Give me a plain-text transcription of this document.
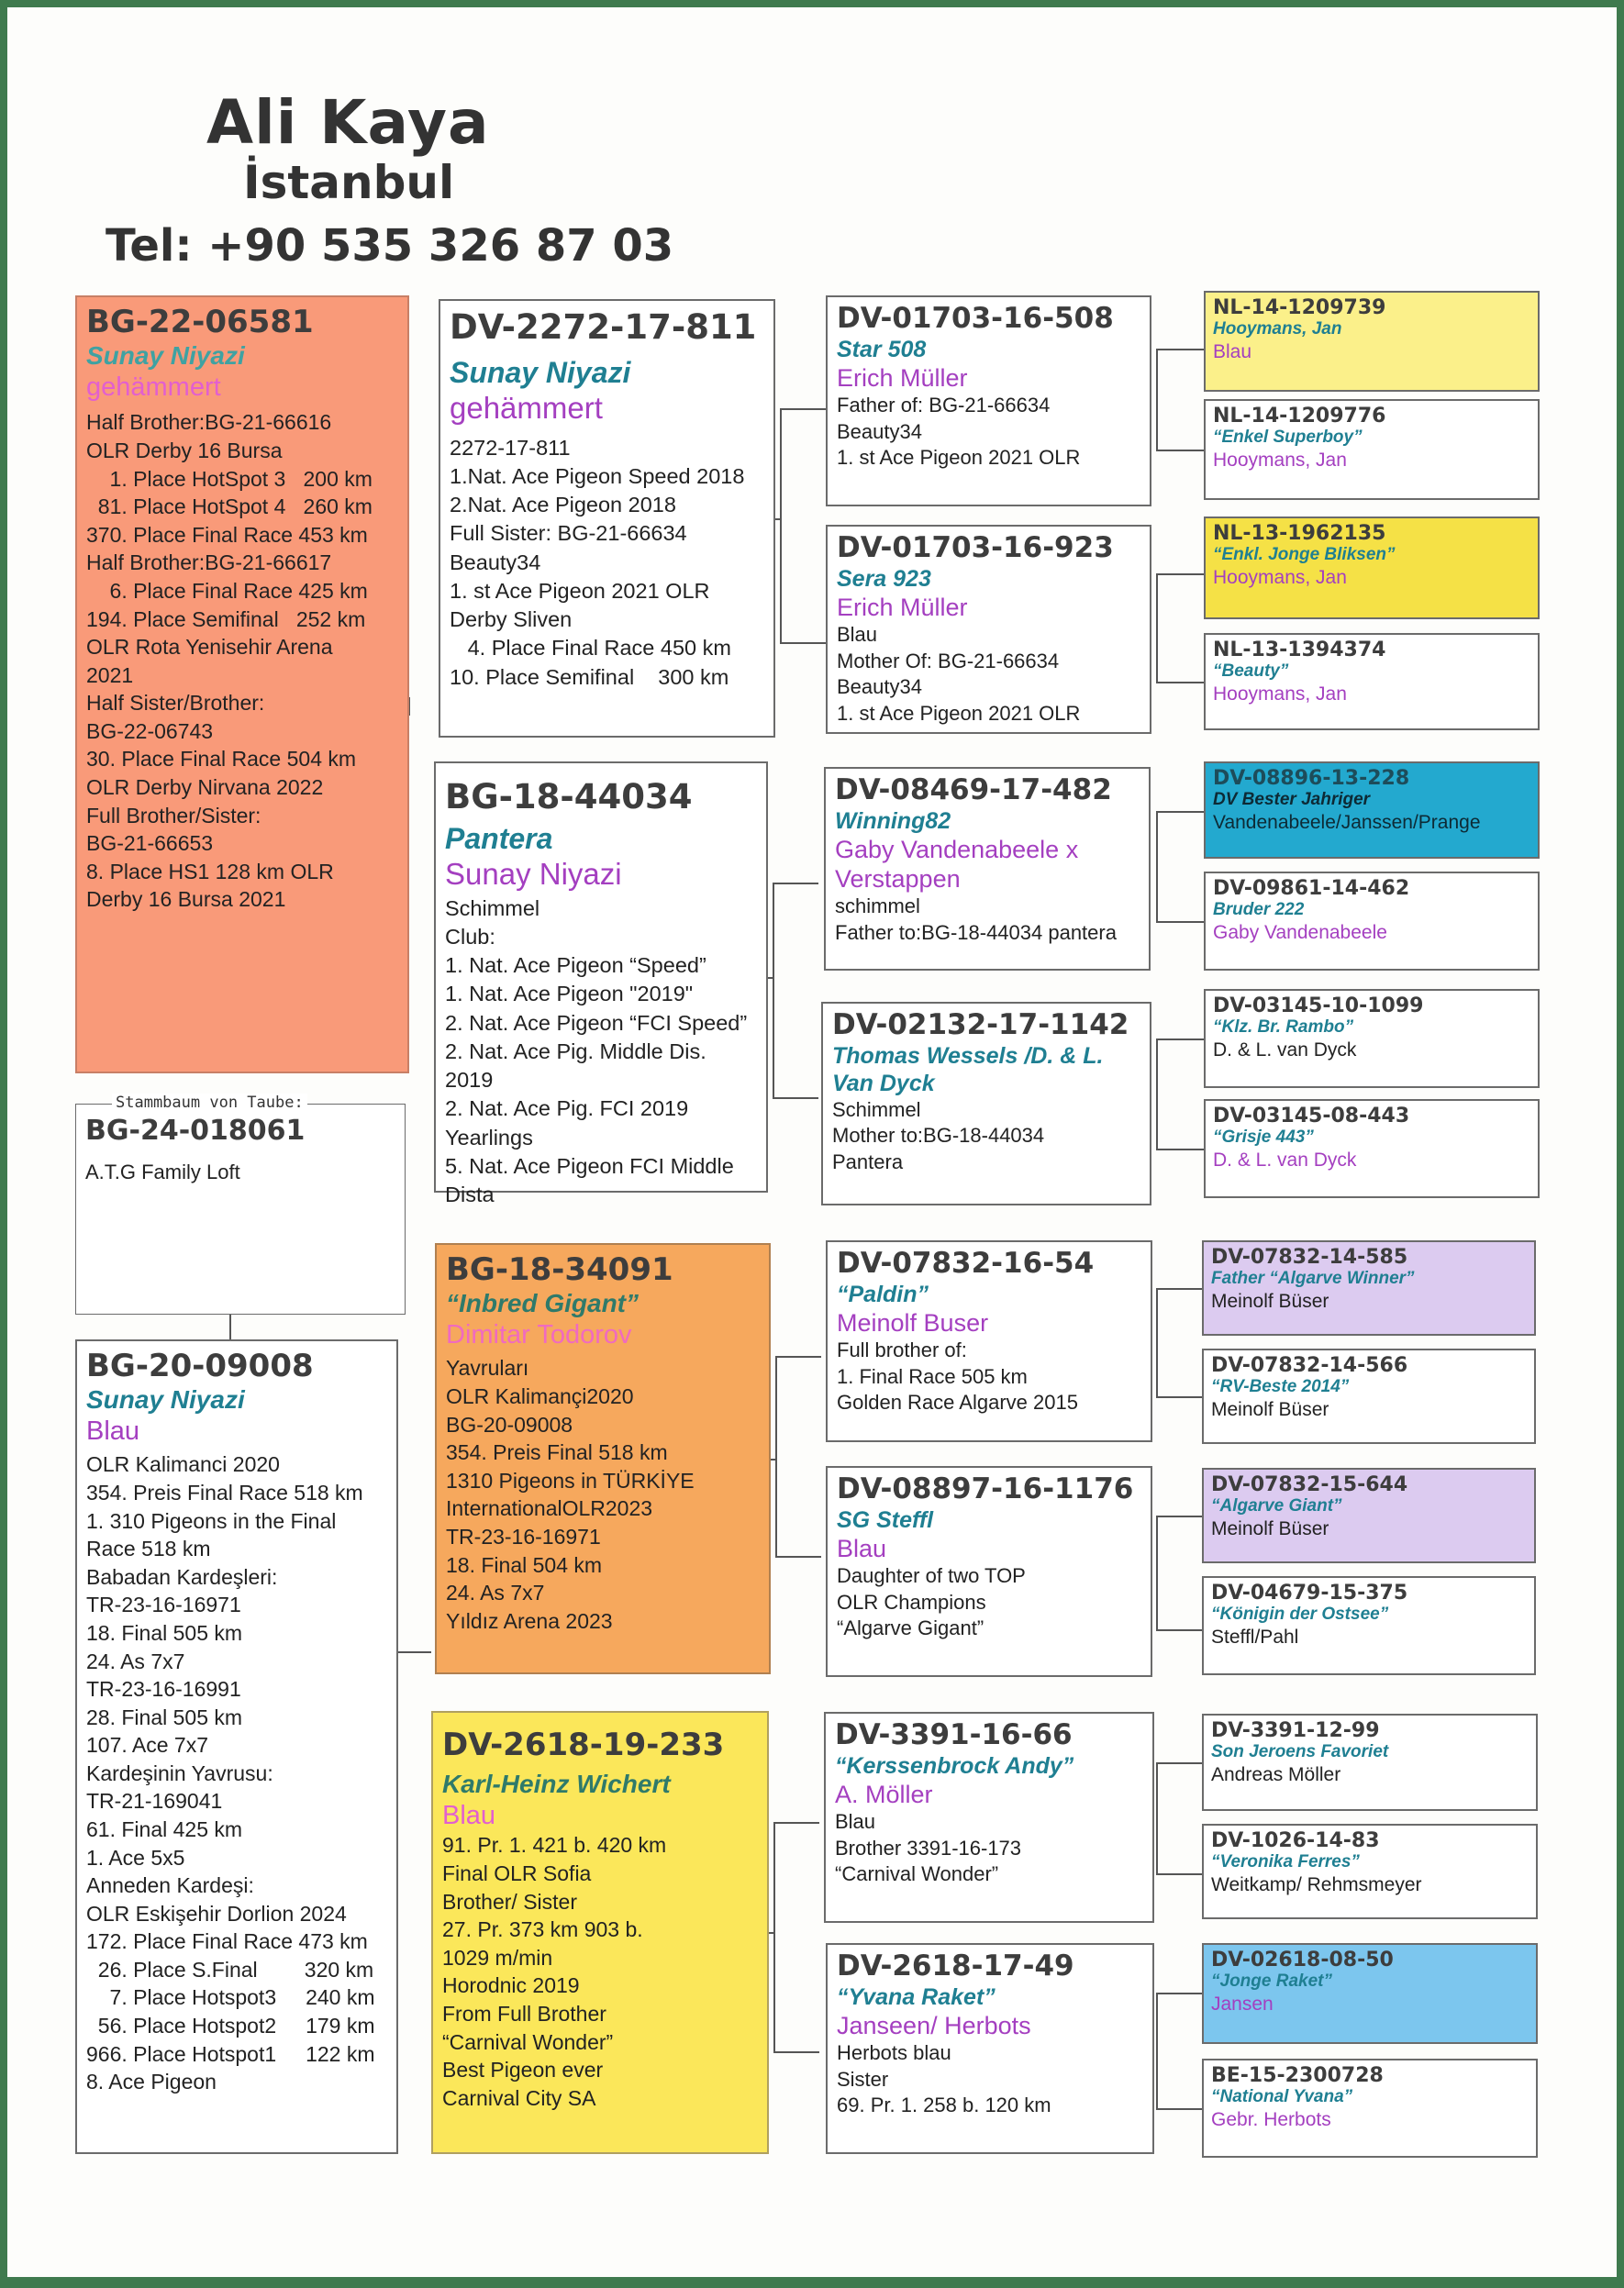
Ali Kaya
İstanbul
Tel: +90 535 326 87 03
BG-22-06581
Sunay Niyazi
gehämmert
Half Brother:BG-21-66616
OLR Derby 16 Bursa
1. Place HotSpot 3   200 km
81. Place HotSpot 4   260 km
370. Place Final Race 453 km
Half Brother:BG-21-66617
6. Place Final Race 425 km
194. Place Semifinal   252 km
OLR Rota Yenisehir Arena
2021
Half Sister/Brother:
BG-22-06743
30. Place Final Race 504 km
OLR Derby Nirvana 2022
Full Brother/Sister:
BG-21-66653
8. Place HS1 128 km OLR
Derby 16 Bursa 2021
BG-24-018061
A.T.G Family Loft
Stammbaum von Taube:
BG-20-09008
Sunay Niyazi
Blau
OLR Kalimanci 2020
354. Preis Final Race 518 km
1. 310 Pigeons in the Final
Race 518 km
Babadan Kardeşleri:
TR-23-16-16971
18. Final 505 km
24. As 7x7
TR-23-16-16991
28. Final 505 km
107. Ace 7x7
Kardeşinin Yavrusu:
TR-21-169041
61. Final 425 km
1. Ace 5x5
Anneden Kardeşi:
OLR Eskişehir Dorlion 2024
172. Place Final Race 473 km
26. Place S.Final        320 km
7. Place Hotspot3     240 km
56. Place Hotspot2     179 km
966. Place Hotspot1     122 km
8. Ace Pigeon
DV-2272-17-811
Sunay Niyazi
gehämmert
2272-17-811
1.Nat. Ace Pigeon Speed 2018
2.Nat. Ace Pigeon 2018
Full Sister: BG-21-66634
Beauty34
1. st Ace Pigeon 2021 OLR
Derby Sliven
4. Place Final Race 450 km
10. Place Semifinal    300 km
BG-18-44034
Pantera
Sunay Niyazi
Schimmel
Club:
1. Nat. Ace Pigeon “Speed”
1. Nat. Ace Pigeon "2019"
2. Nat. Ace Pigeon “FCI Speed”
2. Nat. Ace Pig. Middle Dis.
2019
2. Nat. Ace Pig. FCI 2019
Yearlings
5. Nat. Ace Pigeon FCI Middle
Dista
BG-18-34091
“Inbred Gigant”
Dimitar Todorov
Yavruları
OLR Kalimançi2020
BG-20-09008
354. Preis Final 518 km
1310 Pigeons in TÜRKİYE
InternationalOLR2023
TR-23-16-16971
18. Final 504 km
24. As 7x7
Yıldız Arena 2023
DV-2618-19-233
Karl-Heinz Wichert
Blau
91. Pr. 1. 421 b. 420 km
Final OLR Sofia
Brother/ Sister
27. Pr. 373 km 903 b.
1029 m/min
Horodnic 2019
From Full Brother
“Carnival Wonder”
Best Pigeon ever
Carnival City SA
DV-01703-16-508
Star 508
Erich Müller
Father of: BG-21-66634
Beauty34
1. st Ace Pigeon 2021 OLR
DV-01703-16-923
Sera 923
Erich Müller
Blau
Mother Of: BG-21-66634
Beauty34
1. st Ace Pigeon 2021 OLR
DV-08469-17-482
Winning82
Gaby Vandenabeele x Verstappen
schimmel
Father to:BG-18-44034 pantera
DV-02132-17-1142
Thomas Wessels /D. & L. Van Dyck
Schimmel
Mother to:BG-18-44034
Pantera
DV-07832-16-54
“Paldin”
Meinolf Buser
Full brother of:
1. Final Race 505 km
Golden Race Algarve 2015
DV-08897-16-1176
SG Steffl
Blau
Daughter of two TOP
OLR Champions
“Algarve Gigant”
DV-3391-16-66
“Kerssenbrock Andy”
A. Möller
Blau
Brother 3391-16-173
“Carnival Wonder”
DV-2618-17-49
“Yvana Raket”
Janseen/ Herbots
Herbots blau
Sister
69. Pr. 1. 258 b. 120 km
NL-14-1209739
Hooymans, Jan
Blau
NL-14-1209776
“Enkel Superboy”
Hooymans, Jan
NL-13-1962135
“Enkl. Jonge Bliksen”
Hooymans, Jan
NL-13-1394374
“Beauty”
Hooymans, Jan
DV-08896-13-228
DV Bester Jahriger
Vandenabeele/Janssen/Prange
DV-09861-14-462
Bruder 222
Gaby Vandenabeele
DV-03145-10-1099
“Klz. Br. Rambo”
D. & L. van Dyck
DV-03145-08-443
“Grisje 443”
D. & L. van Dyck
DV-07832-14-585
Father “Algarve Winner”
Meinolf Büser
DV-07832-14-566
“RV-Beste 2014”
Meinolf Büser
DV-07832-15-644
“Algarve Giant”
Meinolf Büser
DV-04679-15-375
“Königin der Ostsee”
Steffl/Pahl
DV-3391-12-99
Son Jeroens Favoriet
Andreas Möller
DV-1026-14-83
“Veronika Ferres”
Weitkamp/ Rehmsmeyer
DV-02618-08-50
“Jonge Raket”
Jansen
BE-15-2300728
“National Yvana”
Gebr. Herbots
